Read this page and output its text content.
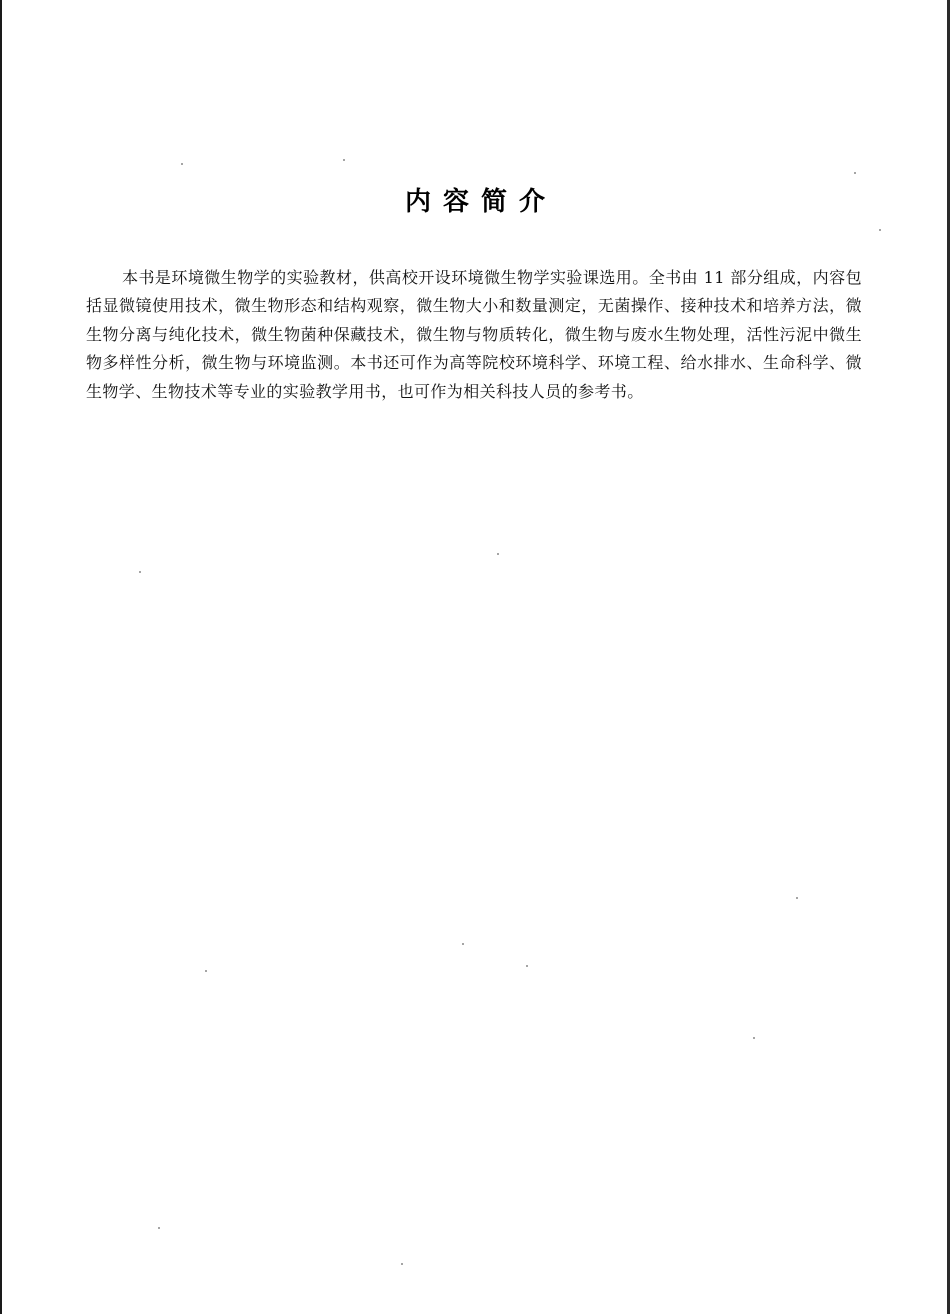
内容简介

本书是环境微生物学的实验教材，供高校开设环境微生物学实验课选用。全书由 11 部分组成，内容包括显微镜使用技术，微生物形态和结构观察，微生物大小和数量测定，无菌操作、接种技术和培养方法，微生物分离与纯化技术，微生物菌种保藏技术，微生物与物质转化，微生物与废水生物处理，活性污泥中微生物多样性分析，微生物与环境监测。本书还可作为高等院校环境科学、环境工程、给水排水、生命科学、微生物学、生物技术等专业的实验教学用书，也可作为相关科技人员的参考书。
